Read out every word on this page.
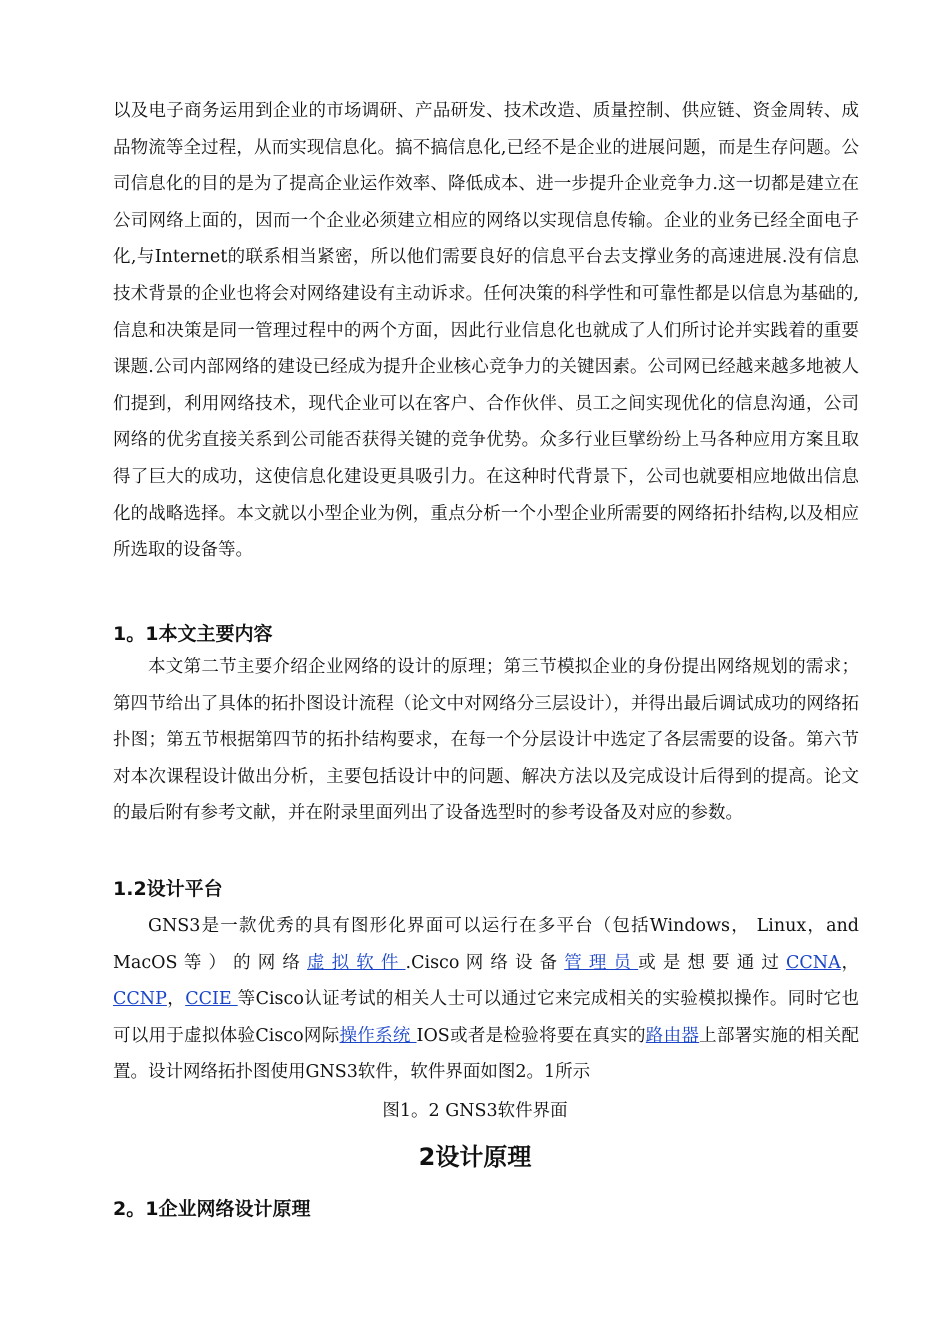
以及电子商务运用到企业的市场调研、产品研发、技术改造、质量控制、供应链、资金周转、成品物流等全过程，从而实现信息化。搞不搞信息化,已经不是企业的进展问题，而是生存问题。公司信息化的目的是为了提高企业运作效率、降低成本、进一步提升企业竞争力.这一切都是建立在公司网络上面的，因而一个企业必须建立相应的网络以实现信息传输。企业的业务已经全面电子化,与Internet的联系相当紧密，所以他们需要良好的信息平台去支撑业务的高速进展.没有信息技术背景的企业也将会对网络建设有主动诉求。任何决策的科学性和可靠性都是以信息为基础的,信息和决策是同一管理过程中的两个方面，因此行业信息化也就成了人们所讨论并实践着的重要课题.公司内部网络的建设已经成为提升企业核心竞争力的关键因素。公司网已经越来越多地被人们提到，利用网络技术，现代企业可以在客户、合作伙伴、员工之间实现优化的信息沟通，公司网络的优劣直接关系到公司能否获得关键的竞争优势。众多行业巨擘纷纷上马各种应用方案且取得了巨大的成功，这使信息化建设更具吸引力。在这种时代背景下，公司也就要相应地做出信息化的战略选择。本文就以小型企业为例，重点分析一个小型企业所需要的网络拓扑结构,以及相应所选取的设备等。

1。1本文主要内容

本文第二节主要介绍企业网络的设计的原理；第三节模拟企业的身份提出网络规划的需求；第四节给出了具体的拓扑图设计流程（论文中对网络分三层设计），并得出最后调试成功的网络拓扑图；第五节根据第四节的拓扑结构要求，在每一个分层设计中选定了各层需要的设备。第六节对本次课程设计做出分析，主要包括设计中的问题、解决方法以及完成设计后得到的提高。论文的最后附有参考文献，并在附录里面列出了设备选型时的参考设备及对应的参数。

1.2设计平台

GNS3是一款优秀的具有图形化界面可以运行在多平台（包括Windows， Linux，and MacOS 等 ） 的 网 络 虚 拟 软 件 .Cisco 网 络 设 备 管 理 员 或 是 想 要 通 过 CCNA，CCNP，CCIE 等Cisco认证考试的相关人士可以通过它来完成相关的实验模拟操作。同时它也可以用于虚拟体验Cisco网际操作系统 IOS或者是检验将要在真实的路由器上部署实施的相关配置。设计网络拓扑图使用GNS3软件，软件界面如图2。1所示

图1。2 GNS3软件界面

2设计原理
2。1企业网络设计原理
